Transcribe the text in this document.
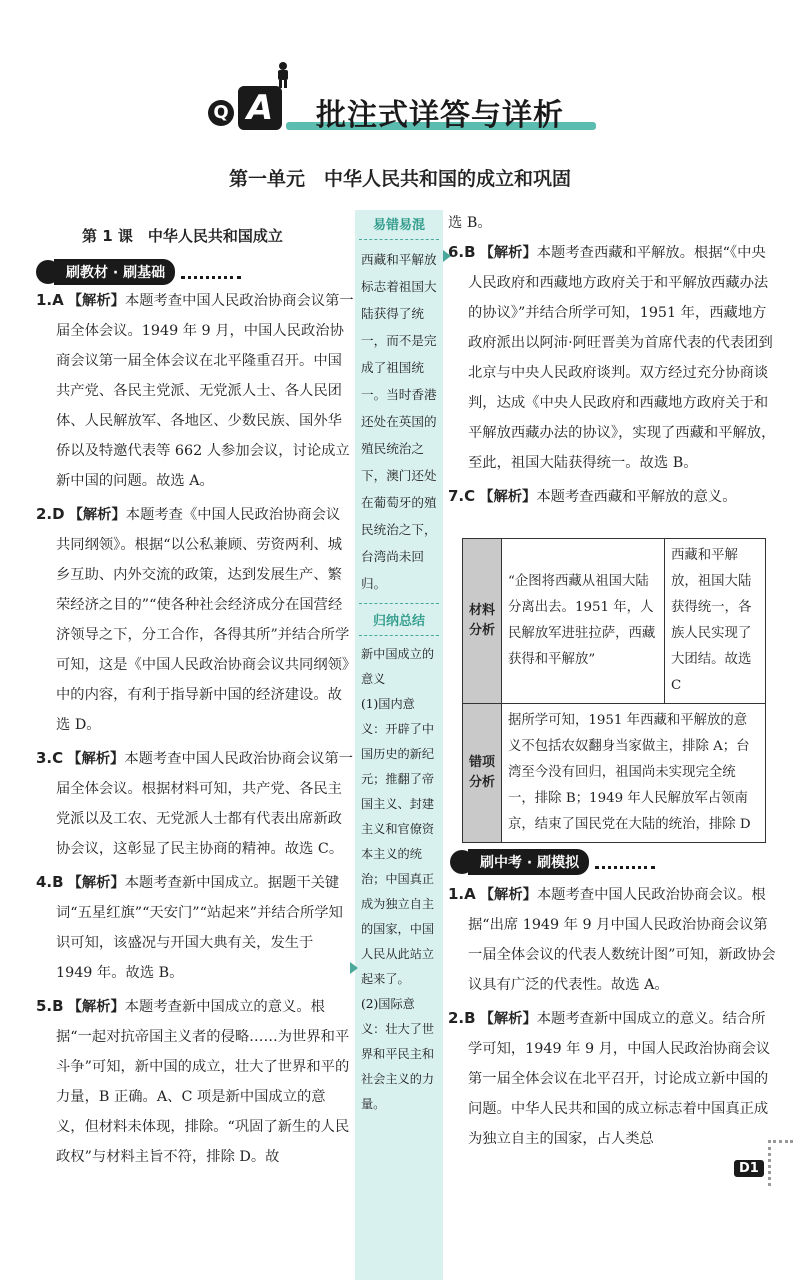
Q A 批注式详答与详析
第一单元　中华人民共和国的成立和巩固
第 1 课　中华人民共和国成立
刷教材 · 刷基础
1.A 【解析】本题考查中国人民政治协商会议第一届全体会议。1949 年 9 月，中国人民政治协商会议第一届全体会议在北平隆重召开。中国共产党、各民主党派、无党派人士、各人民团体、人民解放军、各地区、少数民族、国外华侨以及特邀代表等 662 人参加会议，讨论成立新中国的问题。故选 A。
2.D 【解析】本题考查《中国人民政治协商会议共同纲领》。根据“以公私兼顾、劳资两利、城乡互助、内外交流的政策，达到发展生产、繁荣经济之目的”“使各种社会经济成分在国营经济领导之下，分工合作，各得其所”并结合所学可知，这是《中国人民政治协商会议共同纲领》中的内容，有利于指导新中国的经济建设。故选 D。
3.C 【解析】本题考查中国人民政治协商会议第一届全体会议。根据材料可知，共产党、各民主党派以及工农、无党派人士都有代表出席新政协会议，这彰显了民主协商的精神。故选 C。
4.B 【解析】本题考查新中国成立。据题干关键词“五星红旗”“天安门”“站起来”并结合所学知识可知，该盛况与开国大典有关，发生于 1949 年。故选 B。
5.B 【解析】本题考查新中国成立的意义。根据“一起对抗帝国主义者的侵略……为世界和平斗争”可知，新中国的成立，壮大了世界和平的力量，B 正确。A、C 项是新中国成立的意义，但材料未体现，排除。“巩固了新生的人民政权”与材料主旨不符，排除 D。故
易错易混
西藏和平解放标志着祖国大陆获得了统一，而不是完成了祖国统一。当时香港还处在英国的殖民统治之下，澳门还处在葡萄牙的殖民统治之下，台湾尚未回归。
归纳总结
新中国成立的意义
(1)国内意义：开辟了中国历史的新纪元；推翻了帝国主义、封建主义和官僚资本主义的统治；中国真正成为独立自主的国家，中国人民从此站立起来了。
(2)国际意义：壮大了世界和平民主和社会主义的力量。
选 B。
6.B 【解析】本题考查西藏和平解放。根据“《中央人民政府和西藏地方政府关于和平解放西藏办法的协议》”并结合所学可知，1951 年，西藏地方政府派出以阿沛·阿旺晋美为首席代表的代表团到北京与中央人民政府谈判。双方经过充分协商谈判，达成《中央人民政府和西藏地方政府关于和平解放西藏办法的协议》，实现了西藏和平解放，至此，祖国大陆获得统一。故选 B。
7.C 【解析】本题考查西藏和平解放的意义。
材料分析	“企图将西藏从祖国大陆分离出去。1951 年，人民解放军进驻拉萨，西藏获得和平解放”	西藏和平解放，祖国大陆获得统一，各族人民实现了大团结。故选 C
错项分析	据所学可知，1951 年西藏和平解放的意义不包括农奴翻身当家做主，排除 A；台湾至今没有回归，祖国尚未实现完全统一，排除 B；1949 年人民解放军占领南京，结束了国民党在大陆的统治，排除 D	
刷中考 · 刷模拟
1.A 【解析】本题考查中国人民政治协商会议。根据“出席 1949 年 9 月中国人民政治协商会议第一届全体会议的代表人数统计图”可知，新政协会议具有广泛的代表性。故选 A。
2.B 【解析】本题考查新中国成立的意义。结合所学可知，1949 年 9 月，中国人民政治协商会议第一届全体会议在北平召开，讨论成立新中国的问题。中华人民共和国的成立标志着中国真正成为独立自主的国家，占人类总
D1
